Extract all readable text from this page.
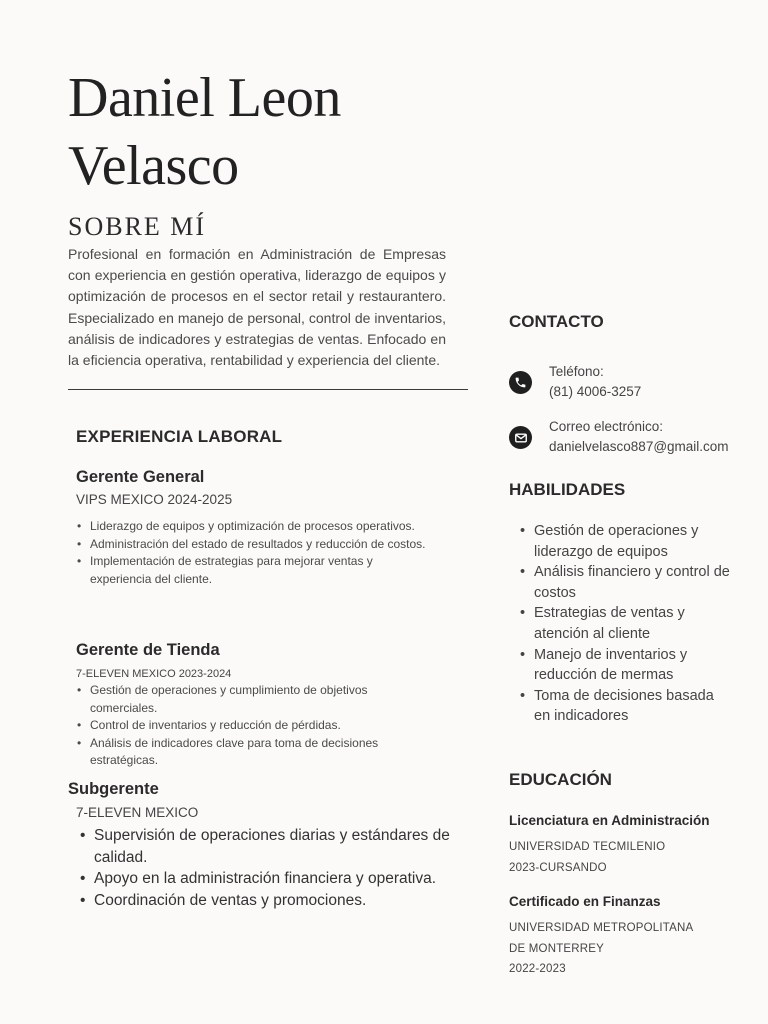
Daniel Leon
Velasco
SOBRE MÍ
Profesional en formación en Administración de Empresas con experiencia en gestión operativa, liderazgo de equipos y optimización de procesos en el sector retail y restaurantero. Especializado en manejo de personal, control de inventarios, análisis de indicadores y estrategias de ventas. Enfocado en la eficiencia operativa, rentabilidad y experiencia del cliente.
EXPERIENCIA LABORAL
Gerente General
VIPS MEXICO 2024-2025
• Liderazgo de equipos y optimización de procesos operativos.
• Administración del estado de resultados y reducción de costos.
• Implementación de estrategias para mejorar ventas y experiencia del cliente.
Gerente de Tienda
7-ELEVEN MEXICO 2023-2024
• Gestión de operaciones y cumplimiento de objetivos comerciales.
• Control de inventarios y reducción de pérdidas.
• Análisis de indicadores clave para toma de decisiones estratégicas.
Subgerente
7-ELEVEN MEXICO
• Supervisión de operaciones diarias y estándares de calidad.
• Apoyo en la administración financiera y operativa.
• Coordinación de ventas y promociones.
CONTACTO
Teléfono:
(81) 4006-3257
Correo electrónico:
danielvelasco887@gmail.com
HABILIDADES
• Gestión de operaciones y liderazgo de equipos
• Análisis financiero y control de costos
• Estrategias de ventas y atención al cliente
• Manejo de inventarios y reducción de mermas
• Toma de decisiones basada en indicadores
EDUCACIÓN
Licenciatura en Administración
UNIVERSIDAD TECMILENIO
2023-CURSANDO
Certificado en Finanzas
UNIVERSIDAD METROPOLITANA
DE MONTERREY
2022-2023
